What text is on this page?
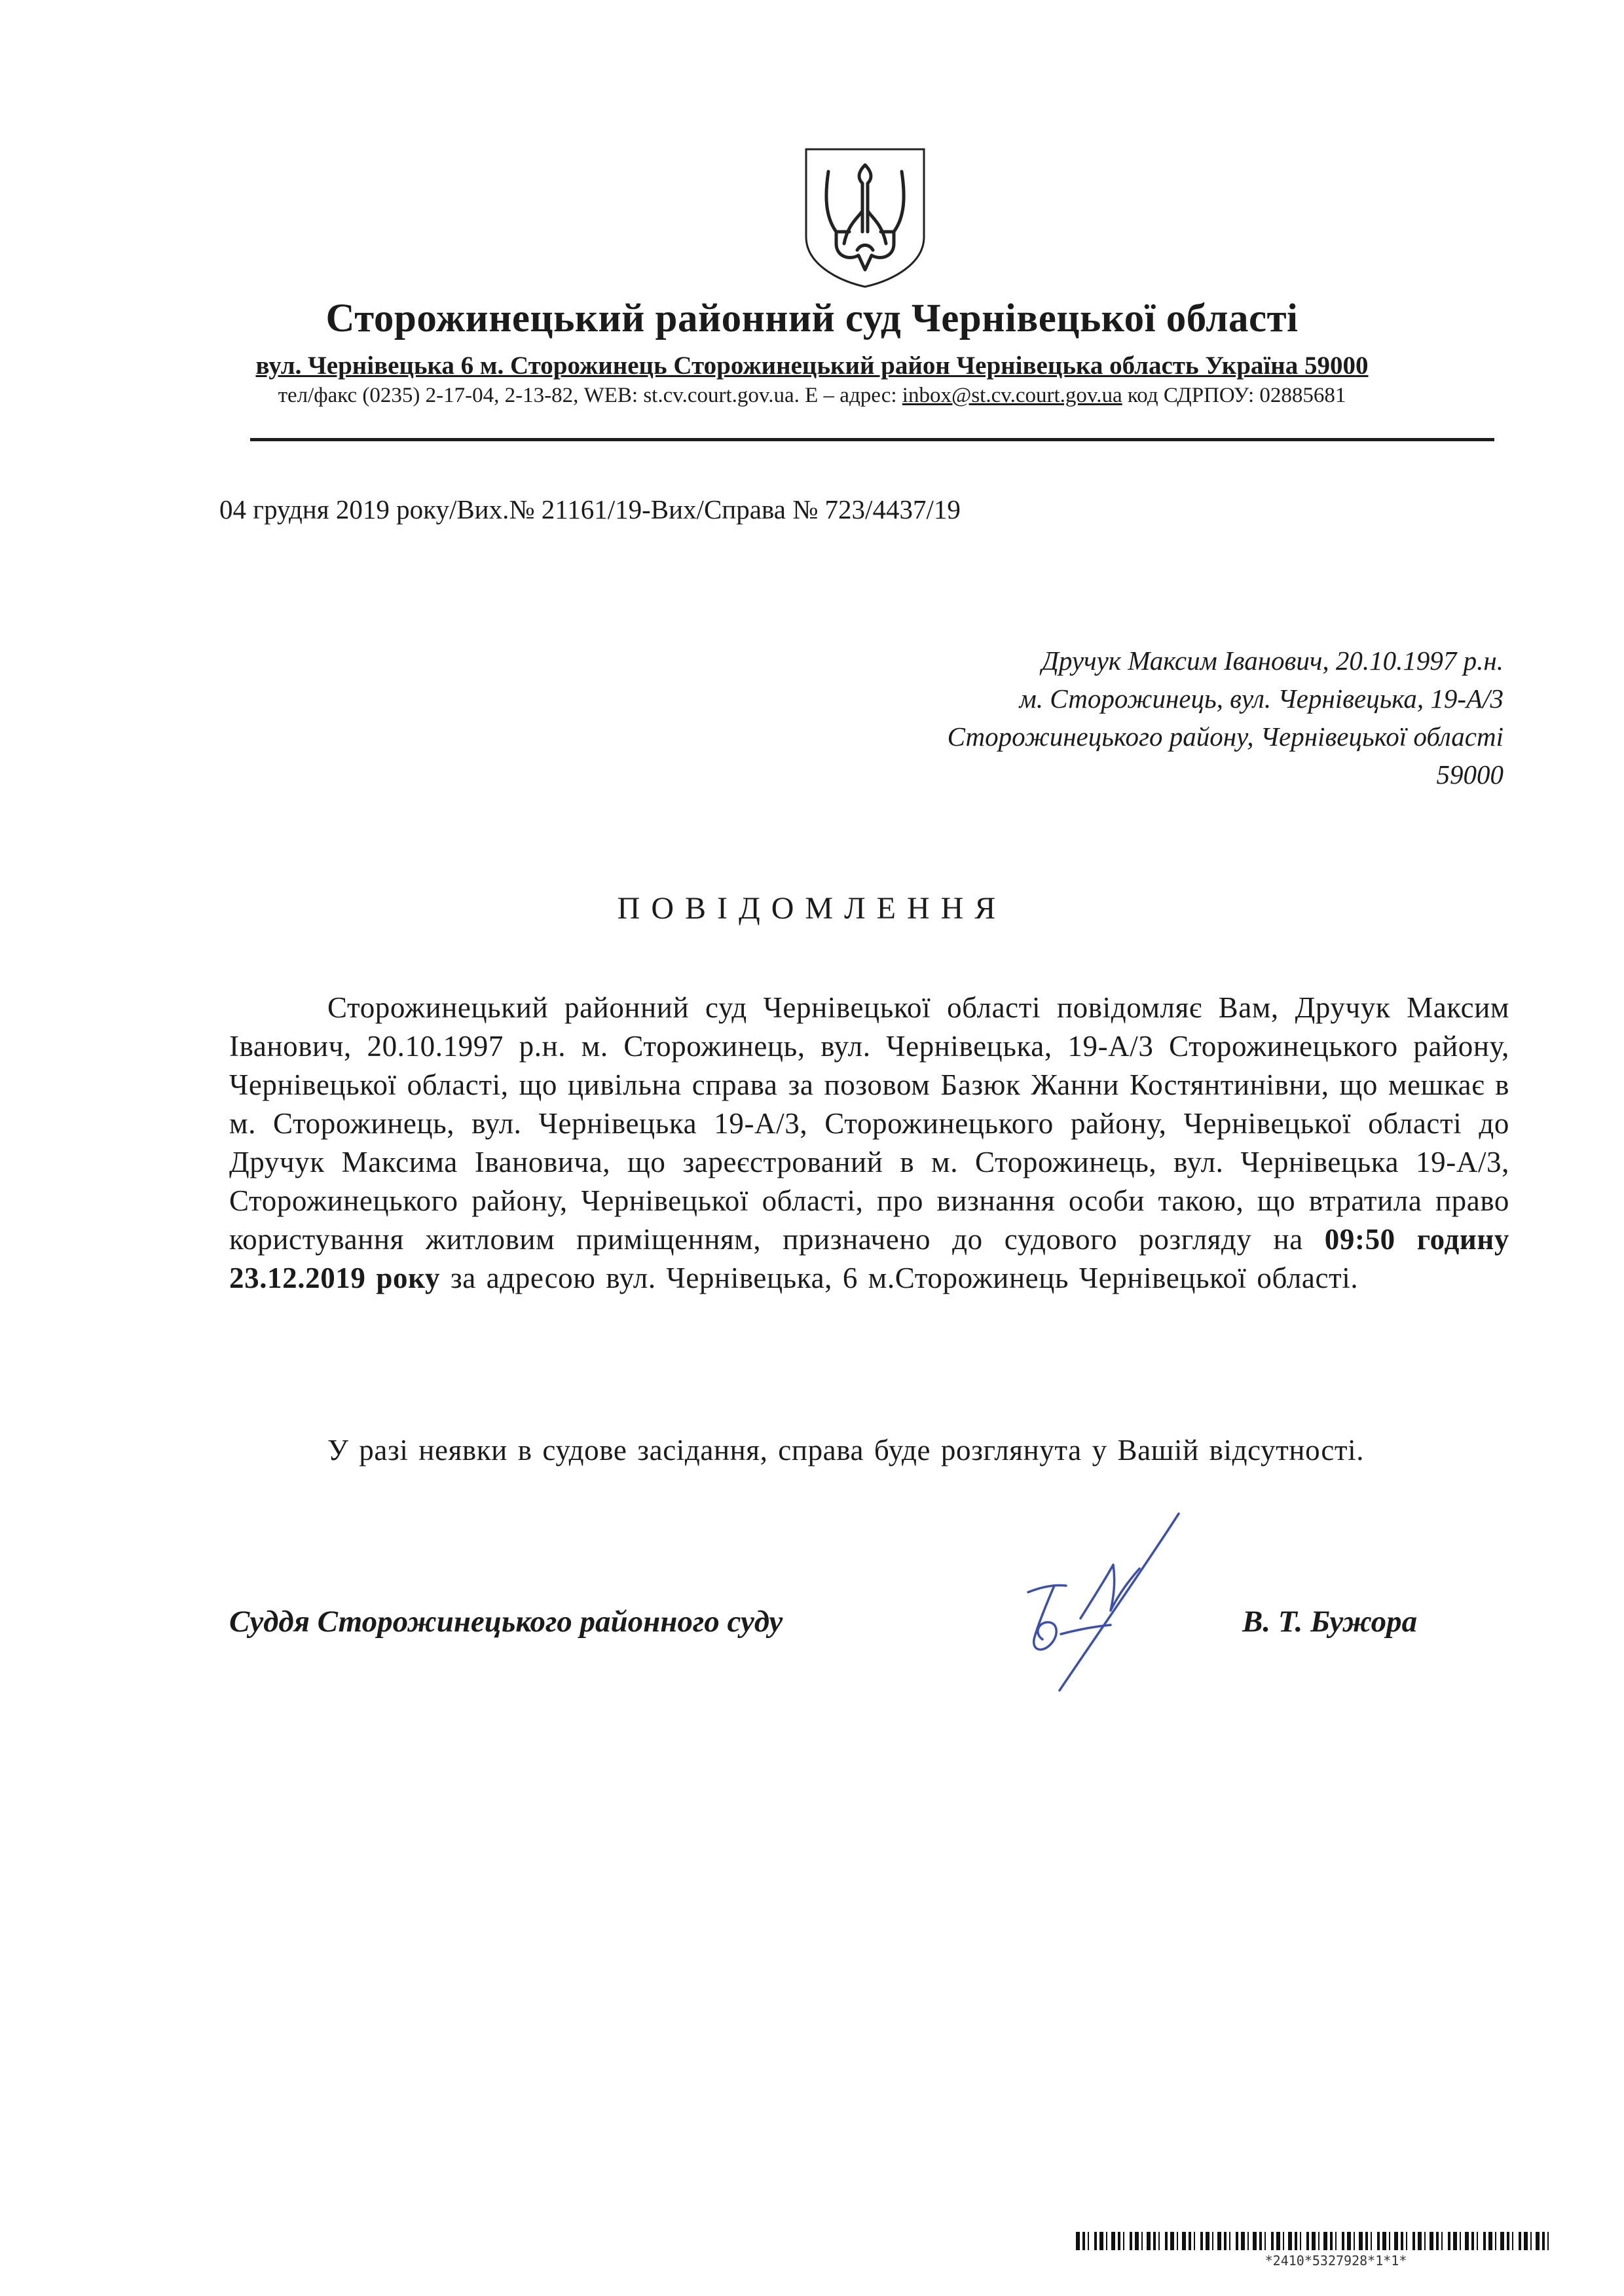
Сторожинецький районний суд Чернівецької області
вул. Чернівецька 6 м. Сторожинець Сторожинецький район Чернівецька область Україна 59000
тел/факс (0235) 2-17-04, 2-13-82, WEB: st.cv.court.gov.ua. E – адрес: inbox@st.cv.court.gov.ua код СДРПОУ: 02885681
04 грудня 2019 року/Вих.№ 21161/19-Вих/Справа № 723/4437/19
Дручук Максим Іванович, 20.10.1997 р.н.
м. Сторожинець, вул. Чернівецька, 19-А/3
Сторожинецького району, Чернівецької області
59000
ПОВІДОМЛЕННЯ
Сторожинецький районний суд Чернівецької області повідомляє Вам, Дручук Максим Іванович, 20.10.1997 р.н. м. Сторожинець, вул. Чернівецька, 19-А/3 Сторожинецького району, Чернівецької області, що цивільна справа за позовом Базюк Жанни Костянтинівни, що мешкає в м. Сторожинець, вул. Чернівецька 19-А/3, Сторожинецького району, Чернівецької області до Дручук Максима Івановича, що зареєстрований в м. Сторожинець, вул. Чернівецька 19-А/3, Сторожинецького району, Чернівецької області, про визнання особи такою, що втратила право користування житловим приміщенням, призначено до судового розгляду на 09:50 годину 23.12.2019 року за адресою вул. Чернівецька, 6 м.Сторожинець Чернівецької області.
У разі неявки в судове засідання, справа буде розглянута у Вашій відсутності.
Суддя Сторожинецького районного суду	В. Т. Бужора
*2410*5327928*1*1*
